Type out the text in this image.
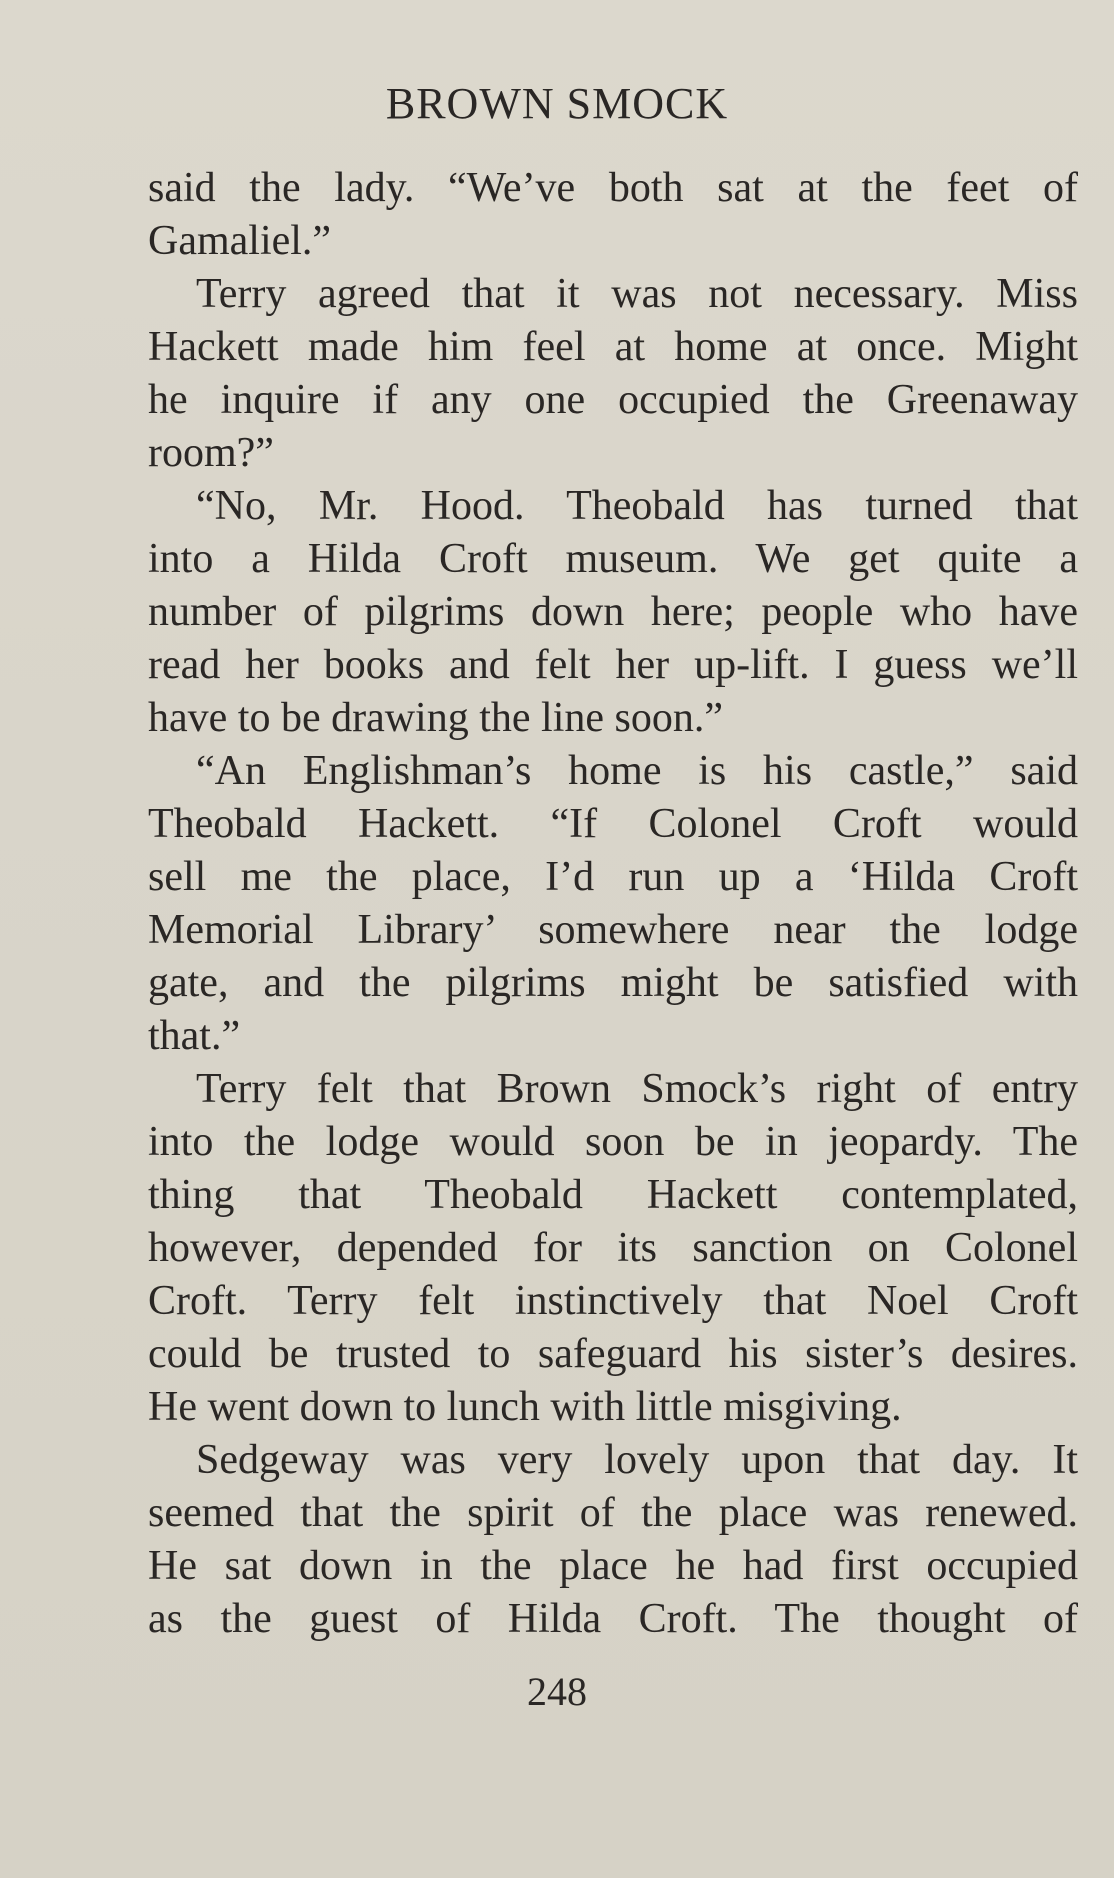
BROWN SMOCK
said the lady. “We’ve both sat at the feet of
Gamaliel.”
Terry agreed that it was not necessary. Miss
Hackett made him feel at home at once. Might
he inquire if any one occupied the Greenaway
room?”
“No, Mr. Hood. Theobald has turned that
into a Hilda Croft museum. We get quite a
number of pilgrims down here; people who have
read her books and felt her up-lift. I guess we’ll
have to be drawing the line soon.”
“An Englishman’s home is his castle,” said
Theobald Hackett. “If Colonel Croft would
sell me the place, I’d run up a ‘Hilda Croft
Memorial Library’ somewhere near the lodge
gate, and the pilgrims might be satisfied with
that.”
Terry felt that Brown Smock’s right of entry
into the lodge would soon be in jeopardy. The
thing that Theobald Hackett contemplated,
however, depended for its sanction on Colonel
Croft. Terry felt instinctively that Noel Croft
could be trusted to safeguard his sister’s desires.
He went down to lunch with little misgiving.
Sedgeway was very lovely upon that day. It
seemed that the spirit of the place was renewed.
He sat down in the place he had first occupied
as the guest of Hilda Croft. The thought of
248
